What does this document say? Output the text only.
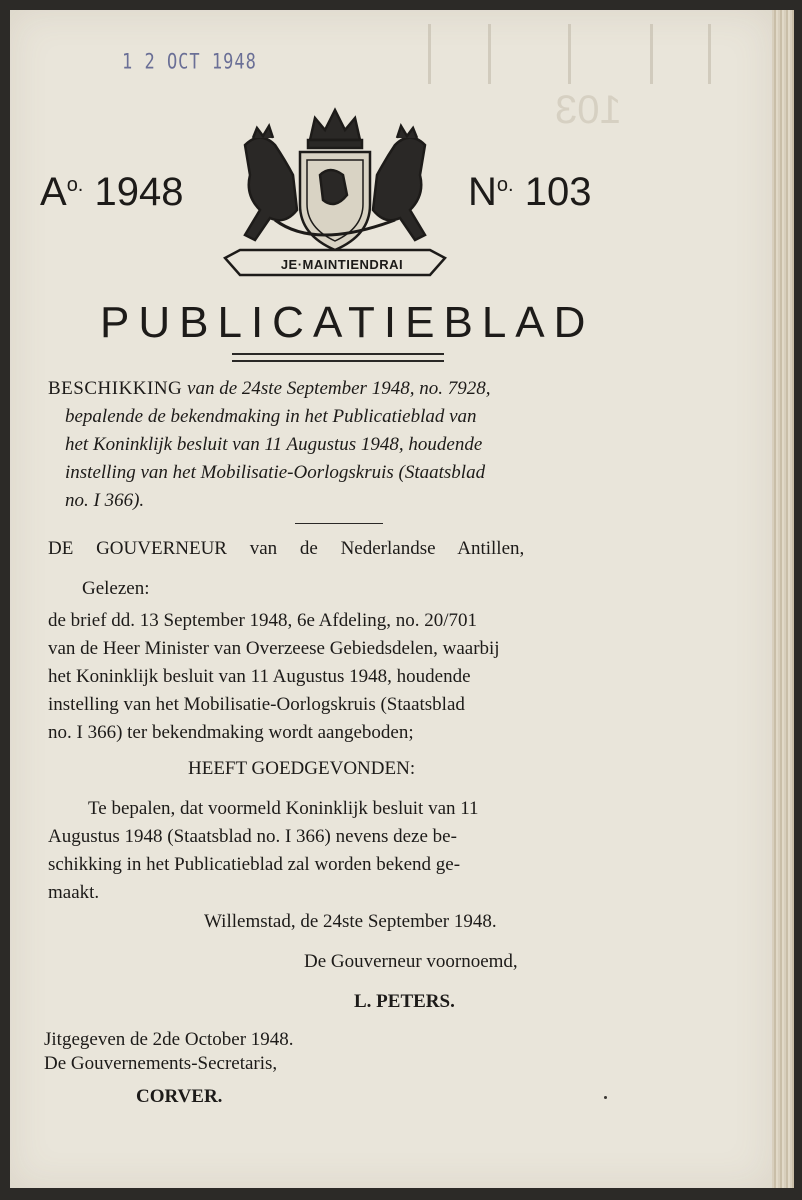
103
1 2 OCT 1948
$A^{o.}$ 1948	$N^{o.}$ 103
JE·MAINTIENDRAI
PUBLICATIEBLAD
BESCHIKKING van de 24ste September 1948, no. 7928,
bepalende de bekendmaking in het Publicatieblad van
het Koninklijk besluit van 11 Augustus 1948, houdende
instelling van het Mobilisatie-Oorlogskruis (Staatsblad
no. I 366).
DE GOUVERNEUR van de Nederlandse Antillen,
Gelezen:
de brief dd. 13 September 1948, 6e Afdeling, no. 20/701
van de Heer Minister van Overzeese Gebiedsdelen, waarbij
het Koninklijk besluit van 11 Augustus 1948, houdende
instelling van het Mobilisatie-Oorlogskruis (Staatsblad
no. I 366) ter bekendmaking wordt aangeboden;
HEEFT GOEDGEVONDEN:
Te bepalen, dat voormeld Koninklijk besluit van 11
Augustus 1948 (Staatsblad no. I 366) nevens deze be-
schikking in het Publicatieblad zal worden bekend ge-
maakt.
Willemstad, de 24ste September 1948.
De Gouverneur voornoemd,
L. PETERS.
Jitgegeven de 2de October 1948.
De Gouvernements-Secretaris,
CORVER.
